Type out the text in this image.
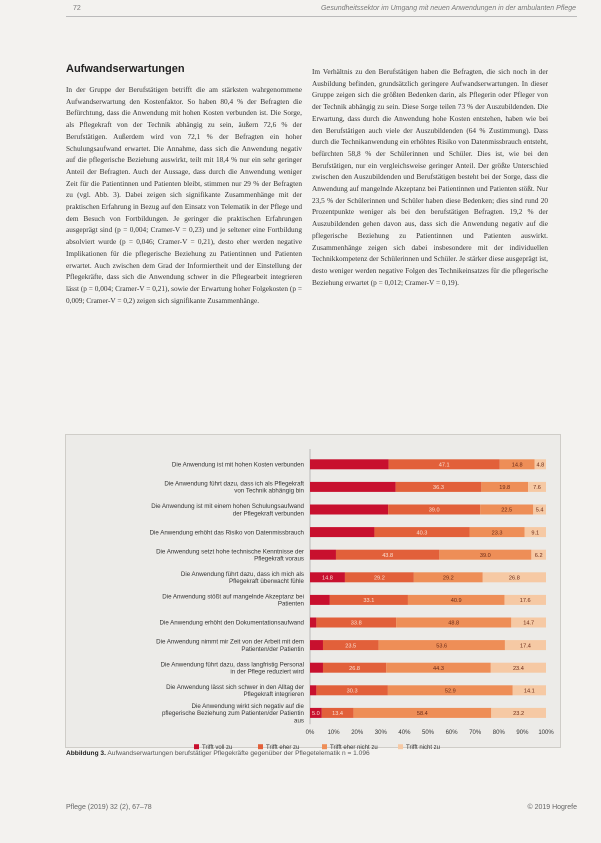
72	Gesundheitssektor im Umgang mit neuen Anwendungen in der ambulanten Pflege
Aufwandserwartungen

In der Gruppe der Berufstätigen betrifft die am stärksten wahrgenommene Aufwandserwartung den Kostenfaktor. So haben 80,4 % der Befragten die Befürchtung, dass die Anwendung mit hohen Kosten verbunden ist. Die Sorge, als Pflegekraft von der Technik abhängig zu sein, äußern 72,6 % der Berufstätigen. Außerdem wird von 72,1 % der Befragten ein hoher Schulungsaufwand erwartet. Die Annahme, dass sich die Anwendung negativ auf die pflegerische Beziehung auswirkt, teilt mit 18,4 % nur ein sehr geringer Anteil der Befragten. Auch der Aussage, dass durch die Anwendung weniger Zeit für die Patientinnen und Patienten bleibt, stimmen nur 29 % der Befragten zu (vgl. Abb. 3). Dabei zeigen sich signifikante Zusammenhänge mit der praktischen Erfahrung in Bezug auf den Einsatz von Telematik in der Pflege und dem Besuch von Fortbildungen. Je geringer die praktischen Erfahrungen ausgeprägt sind (p = 0,004; Cramer-V = 0,23) und je seltener eine Fortbildung absolviert wurde (p = 0,046; Cramer-V = 0,21), desto eher werden negative Implikationen für die pflegerische Beziehung zu Patientinnen und Patienten erwartet. Auch zwischen dem Grad der Informiertheit und der Einstellung der Pflegekräfte, dass sich die Anwendung schwer in die Pflegearbeit integrieren lässt (p = 0,004; Cramer-V = 0,21), sowie der Erwartung hoher Folgekosten (p = 0,009; Cramer-V = 0,2) zeigen sich signifikante Zusammenhänge.

Im Verhältnis zu den Berufstätigen haben die Befragten, die sich noch in der Ausbildung befinden, grundsätzlich geringere Aufwandserwartungen. In dieser Gruppe zeigen sich die größten Bedenken darin, als Pflegerin oder Pfleger von der Technik abhängig zu sein. Diese Sorge teilen 73 % der Auszubildenden. Die Erwartung, dass durch die Anwendung hohe Kosten entstehen, haben wie bei den Berufstätigen auch viele der Auszubildenden (64 % Zustimmung). Dass durch die Technikanwendung ein erhöhtes Risiko von Datenmissbrauch entsteht, befürchten 58,8 % der Schülerinnen und Schüler. Dies ist, wie bei den Berufstätigen, nur ein vergleichsweise geringer Anteil. Der größte Unterschied zwischen den Auszubildenden und Berufstätigen besteht bei der Sorge, dass die Anwendung auf mangelnde Akzeptanz bei Patientinnen und Patienten stößt. Nur 23,5 % der Schülerinnen und Schüler haben diese Bedenken; dies sind rund 20 Prozentpunkte weniger als bei den berufstätigen Befragten. 19,2 % der Auszubildenden gehen davon aus, dass sich die Anwendung negativ auf die pflegerische Beziehung zu Patientinnen und Patienten auswirkt. Zusammenhänge zeigen sich dabei insbesondere mit der individuellen Technikkompetenz der Schülerinnen und Schüler. Je stärker diese ausgeprägt ist, desto weniger werden negative Folgen des Technikeinsatzes für die pflegerische Beziehung erwartet (p = 0,012; Cramer-V = 0,19).

Die Anwendung ist mit hohen Kosten verbunden	47.1	14.8 4.8
Die Anwendung führt dazu, dass ich als Pflegekraft von Technik abhängig bin	36.3	19.8	7.6
Die Anwendung ist mit einem hohen Schulungsaufwand der Pflegekraft verbunden	39.0	22.5	5.4
Die Anwendung erhöht das Risiko von Datenmissbrauch	40.3	23.3	9.1
Die Anwendung setzt hohe technische Kenntnisse der Pflegekraft voraus	43.8	39.0	6.2
Die Anwendung führt dazu, dass ich mich als Pflegekraft überwacht fühle	14.8	29.2	29.2	26.8
Die Anwendung stößt auf mangelnde Akzeptanz bei Patienten	33.1	40.9	17.6
Die Anwendung erhöht den Dokumentationsaufwand	33.8	48.8	14.7
Die Anwendung nimmt mir Zeit von der Arbeit mit dem Patienten/der Patientin	23.5	53.6	17.4
Die Anwendung führt dazu, dass langfristig Personal in der Pflege reduziert wird	26.8	44.3	23.4
Die Anwendung lässt sich schwer in den Alltag der Pflegekraft integrieren	30.3	52.9	14.1
Die Anwendung wirkt sich negativ auf die pflegerische Beziehung zum Patienten/der Patientin aus
5.0 13.4	58.4	23.2
0% 10% 20% 30% 40% 50% 60% 70% 80% 90% 100%
Trifft voll zu	Trifft eher zu	Trifft eher nicht zu	Trifft nicht zu
Abbildung 3. Aufwandserwartungen berufstätiger Pflegekräfte gegenüber der Pflegetelematik n = 1.096
Pflege (2019) 32 (2), 67–78	© 2019 Hogrefe
